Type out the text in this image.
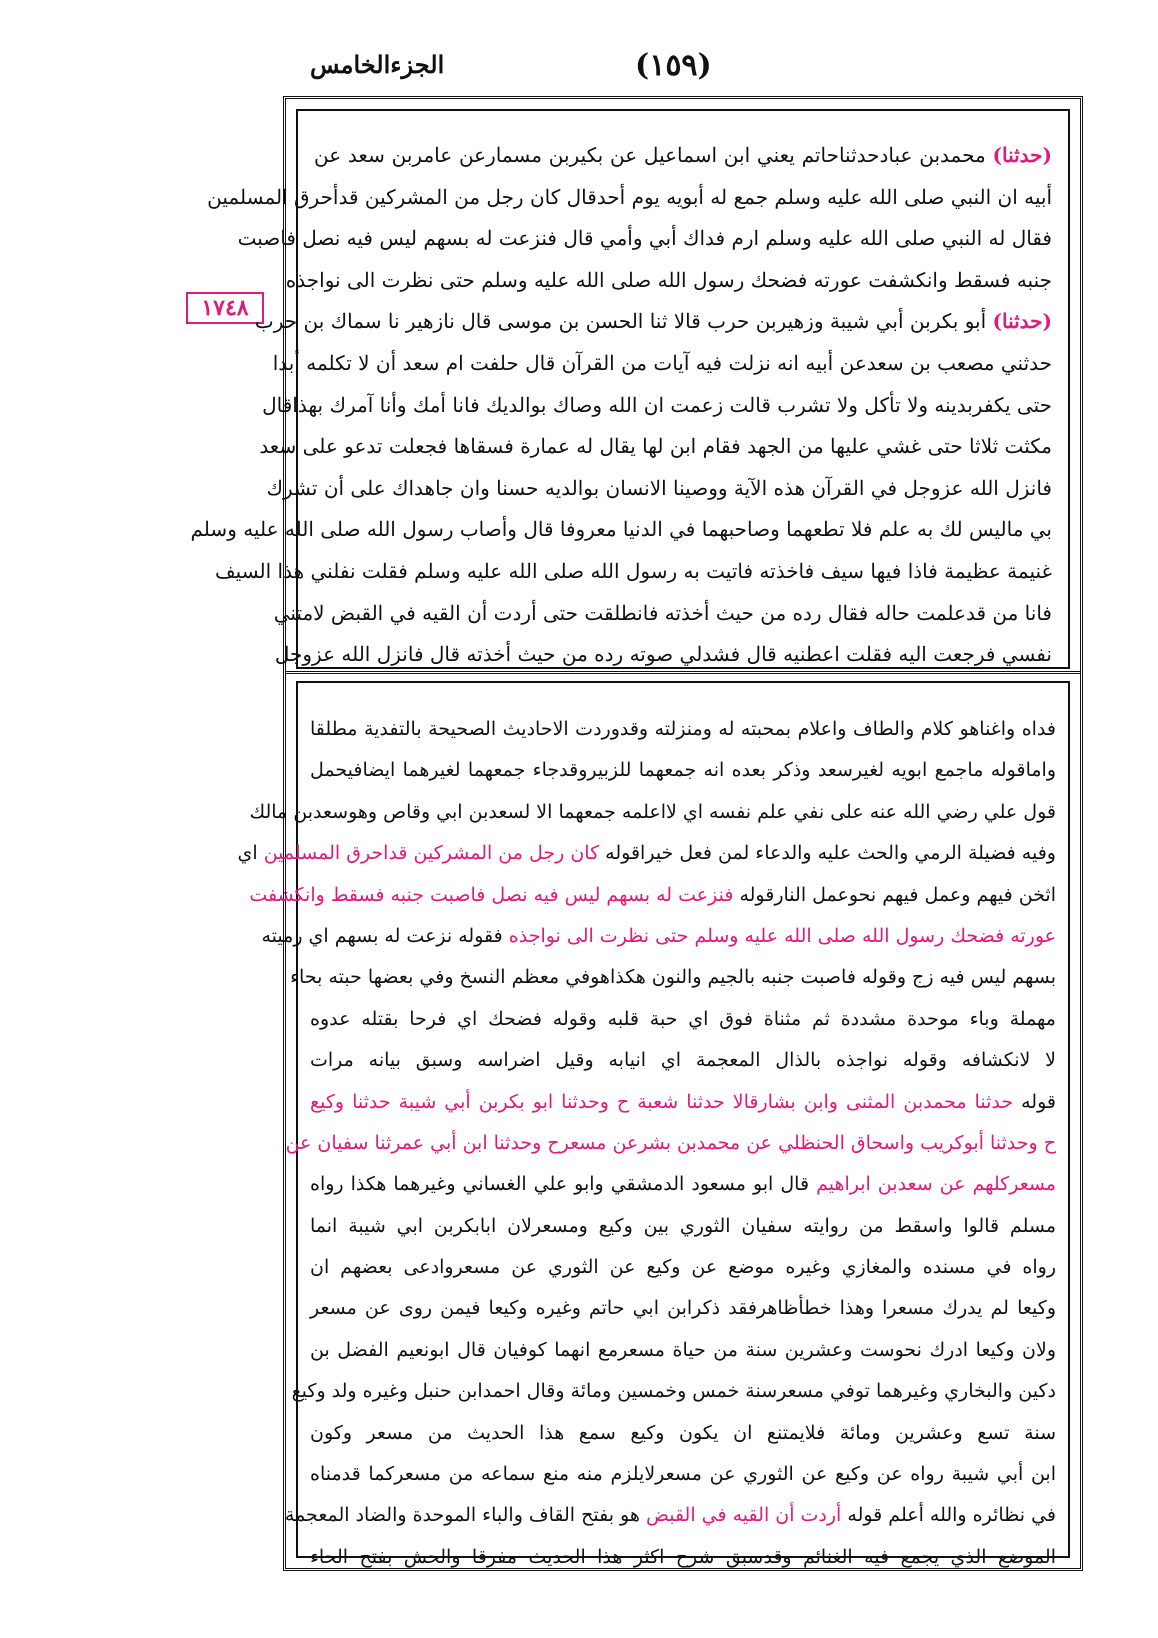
(١٥٩)
الجزءالخامس
١٧٤٨
(حدثنا) محمدبن عبادحدثناحاتم يعني ابن اسماعيل عن بكيربن مسمارعن عامربن سعد عن
أبيه ان النبي صلى الله عليه وسلم جمع له أبويه يوم أحدقال كان رجل من المشركين قدأحرق المسلمين
فقال له النبي صلى الله عليه وسلم ارم فداك أبي وأمي قال فنزعت له بسهم ليس فيه نصل فاصبت
جنبه فسقط وانكشفت عورته فضحك رسول الله صلى الله عليه وسلم حتى نظرت الى نواجذه
(حدثنا) أبو بكربن أبي شيبة وزهيربن حرب قالا ثنا الحسن بن موسى قال نازهير نا سماك بن حرب
حدثني مصعب بن سعدعن أبيه انه نزلت فيه آيات من القرآن قال حلفت ام سعد أن لا تكلمه أبدا
حتى يكفربدينه ولا تأكل ولا تشرب قالت زعمت ان الله وصاك بوالديك فانا أمك وأنا آمرك بهذاقال
مكثت ثلاثا حتى غشي عليها من الجهد فقام ابن لها يقال له عمارة فسقاها فجعلت تدعو على سعد
فانزل الله عزوجل في القرآن هذه الآية ووصينا الانسان بوالديه حسنا وان جاهداك على أن تشرك
بي ماليس لك به علم فلا تطعهما وصاحبهما في الدنيا معروفا قال وأصاب رسول الله صلى الله عليه وسلم
غنيمة عظيمة فاذا فيها سيف فاخذته فاتيت به رسول الله صلى الله عليه وسلم فقلت نفلني هذا السيف
فانا من قدعلمت حاله فقال رده من حيث أخذته فانطلقت حتى أردت أن القيه في القبض لامتني
نفسي فرجعت اليه فقلت اعطنيه قال فشدلي صوته رده من حيث أخذته قال فانزل الله عزوجل
فداه واغناهو كلام والطاف واعلام بمحبته له ومنزلته وقدوردت الاحاديث الصحيحة بالتفدية مطلقا
واماقوله ماجمع ابويه لغيرسعد وذكر بعده انه جمعهما للزبيروقدجاء جمعهما لغيرهما ايضافيحمل
قول علي رضي الله عنه على نفي علم نفسه اي لااعلمه جمعهما الا لسعدبن ابي وقاص وهوسعدبن مالك
وفيه فضيلة الرمي والحث عليه والدعاء لمن فعل خيراقوله كان رجل من المشركين قداحرق المسلمين اي
اثخن فيهم وعمل فيهم نحوعمل النارقوله فنزعت له بسهم ليس فيه نصل فاصبت جنبه فسقط وانكشفت
عورته فضحك رسول الله صلى الله عليه وسلم حتى نظرت الى نواجذه فقوله نزعت له بسهم اي رميته
بسهم ليس فيه زج وقوله فاصبت جنبه بالجيم والنون هكذاهوفي معظم النسخ وفي بعضها حبته بحاء
مهملة وباء موحدة مشددة ثم مثناة فوق اي حبة قلبه وقوله فضحك اي فرحا بقتله عدوه
لا لانكشافه وقوله نواجذه بالذال المعجمة اي انيابه وقيل اضراسه وسبق بيانه مرات
قوله حدثنا محمدبن المثنى وابن بشارقالا حدثنا شعبة ح وحدثنا ابو بكربن أبي شيبة حدثنا وكيع
ح وحدثنا أبوكريب واسحاق الحنظلي عن محمدبن بشرعن مسعرح وحدثنا ابن أبي عمرثنا سفيان عن
مسعركلهم عن سعدبن ابراهيم قال ابو مسعود الدمشقي وابو علي الغساني وغيرهما هكذا رواه
مسلم قالوا واسقط من روايته سفيان الثوري بين وكيع ومسعرلان ابابكربن ابي شيبة انما
رواه في مسنده والمغازي وغيره موضع عن وكيع عن الثوري عن مسعروادعى بعضهم ان
وكيعا لم يدرك مسعرا وهذا خطأظاهرفقد ذكرابن ابي حاتم وغيره وكيعا فيمن روى عن مسعر
ولان وكيعا ادرك نحوست وعشرين سنة من حياة مسعرمع انهما كوفيان قال ابونعيم الفضل بن
دكين والبخاري وغيرهما توفي مسعرسنة خمس وخمسين ومائة وقال احمدابن حنبل وغيره ولد وكيع
سنة تسع وعشرين ومائة فلايمتنع ان يكون وكيع سمع هذا الحديث من مسعر وكون
ابن أبي شيبة رواه عن وكيع عن الثوري عن مسعرلايلزم منه منع سماعه من مسعركما قدمناه
في نظائره والله أعلم قوله أردت أن القيه في القبض هو بفتح القاف والباء الموحدة والضاد المعجمة
الموضع الذي يجمع فيه الغنائم وقدسبق شرح اكثر هذا الحديث مفرقا والحش بفتح الحاء
